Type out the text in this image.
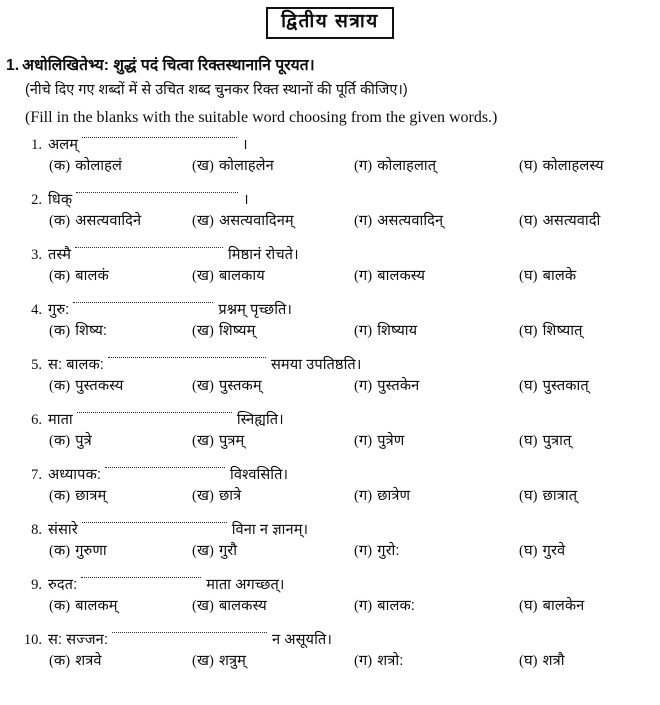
द्वितीय सत्राय
1. अधोलिखितेभ्य: शुद्धं पदं चित्वा रिक्तस्थानानि पूरयत।
(नीचे दिए गए शब्दों में से उचित शब्द चुनकर रिक्त स्थानों की पूर्ति कीजिए।)
(Fill in the blanks with the suitable word choosing from the given words.)
1. अलम्	।
(क) कोलाहलं	(ख) कोलाहलेन	(ग) कोलाहलात्	(घ) कोलाहलस्य
2. धिक्	।
(क) असत्यवादिने	(ख) असत्यवादिनम्	(ग) असत्यवादिन्	(घ) असत्यवादी
3. तस्मै	मिष्ठानं रोचते।
(क) बालकं	(ख) बालकाय	(ग) बालकस्य	(घ) बालके
4. गुरु:	प्रश्नम् पृच्छति।
(क) शिष्य:	(ख) शिष्यम्	(ग) शिष्याय	(घ) शिष्यात्
5. स: बालक:	समया उपतिष्ठति।
(क) पुस्तकस्य	(ख) पुस्तकम्	(ग) पुस्तकेन	(घ) पुस्तकात्
6. माता	स्निह्यति।
(क) पुत्रे	(ख) पुत्रम्	(ग) पुत्रेण	(घ) पुत्रात्
7. अध्यापक:	विश्वसिति।
(क) छात्रम्	(ख) छात्रे	(ग) छात्रेण	(घ) छात्रात्
8. संसारे	विना न ज्ञानम्।
(क) गुरुणा	(ख) गुरौ	(ग) गुरो:	(घ) गुरवे
9. रुदत:	माता अगच्छत्।
(क) बालकम्	(ख) बालकस्य	(ग) बालक:	(घ) बालकेन
10. स: सज्जन:	न असूयति।
(क) शत्रवे	(ख) शत्रुम्	(ग) शत्रो:	(घ) शत्रौ
